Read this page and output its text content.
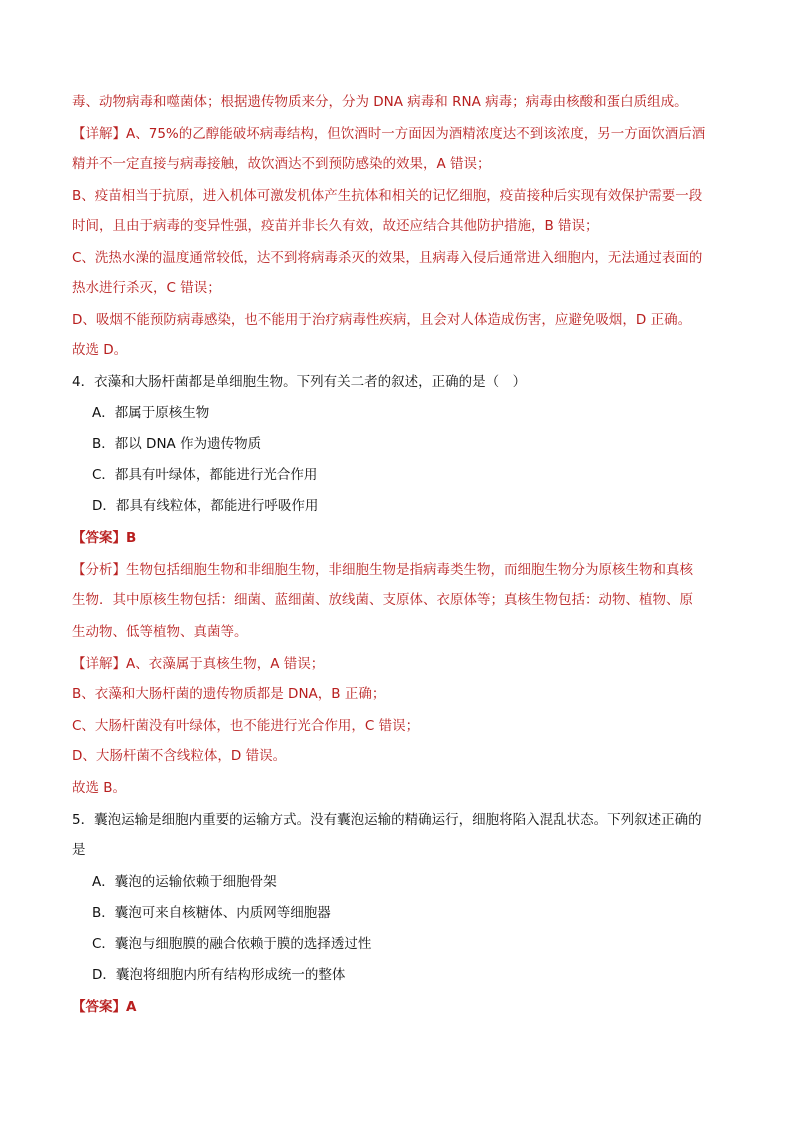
毒、动物病毒和噬菌体；根据遗传物质来分，分为 DNA 病毒和 RNA 病毒；病毒由核酸和蛋白质组成。
【详解】A、75%的乙醇能破坏病毒结构，但饮酒时一方面因为酒精浓度达不到该浓度，另一方面饮酒后酒
精并不一定直接与病毒接触，故饮酒达不到预防感染的效果，A 错误；
B、疫苗相当于抗原，进入机体可激发机体产生抗体和相关的记忆细胞，疫苗接种后实现有效保护需要一段
时间，且由于病毒的变异性强，疫苗并非长久有效，故还应结合其他防护措施，B 错误；
C、洗热水澡的温度通常较低，达不到将病毒杀灭的效果，且病毒入侵后通常进入细胞内，无法通过表面的
热水进行杀灭，C 错误；
D、吸烟不能预防病毒感染，也不能用于治疗病毒性疾病，且会对人体造成伤害，应避免吸烟，D 正确。
故选 D。
4．衣藻和大肠杆菌都是单细胞生物。下列有关二者的叙述，正确的是（　）
A．都属于原核生物
B．都以 DNA 作为遗传物质
C．都具有叶绿体，都能进行光合作用
D．都具有线粒体，都能进行呼吸作用
【答案】B
【分析】生物包括细胞生物和非细胞生物，非细胞生物是指病毒类生物，而细胞生物分为原核生物和真核
生物．其中原核生物包括：细菌、蓝细菌、放线菌、支原体、衣原体等；真核生物包括：动物、植物、原
生动物、低等植物、真菌等。
【详解】A、衣藻属于真核生物，A 错误；
B、衣藻和大肠杆菌的遗传物质都是 DNA，B 正确；
C、大肠杆菌没有叶绿体，也不能进行光合作用，C 错误；
D、大肠杆菌不含线粒体，D 错误。
故选 B。
5．囊泡运输是细胞内重要的运输方式。没有囊泡运输的精确运行，细胞将陷入混乱状态。下列叙述正确的
是
A．囊泡的运输依赖于细胞骨架
B．囊泡可来自核糖体、内质网等细胞器
C．囊泡与细胞膜的融合依赖于膜的选择透过性
D．囊泡将细胞内所有结构形成统一的整体
【答案】A
